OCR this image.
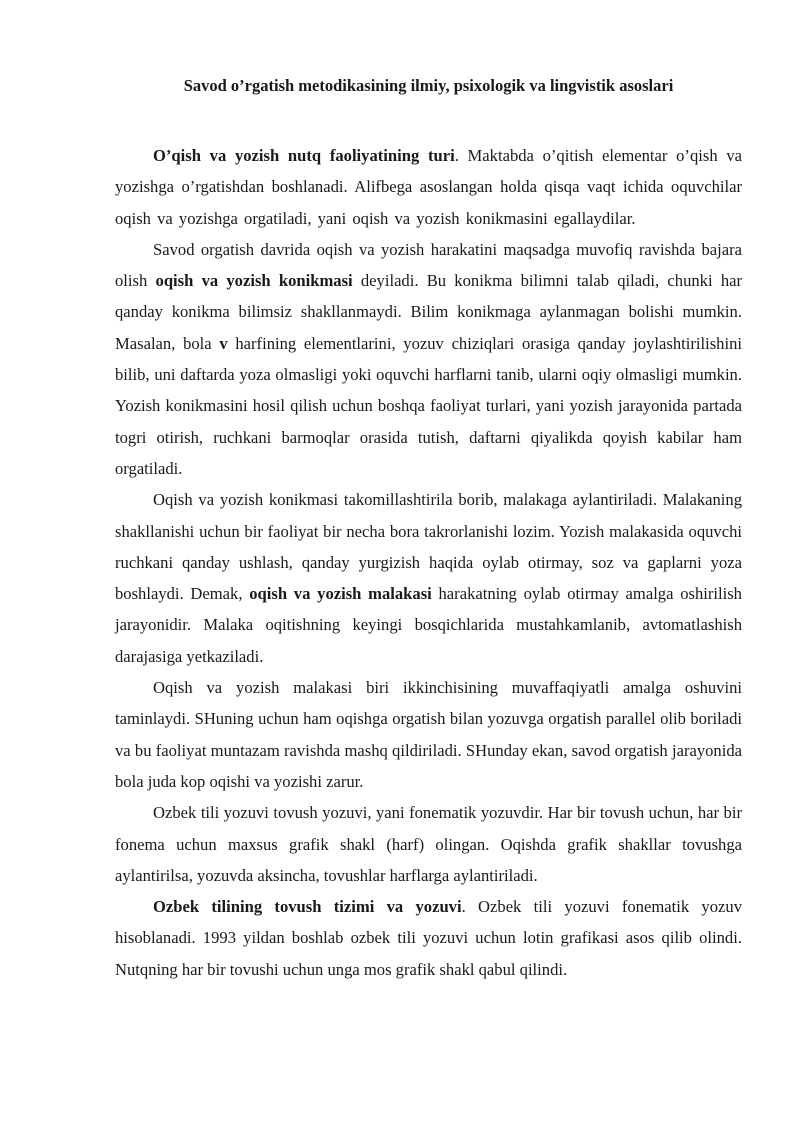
Savod o’rgatish metodikasining ilmiy, psixologik va lingvistik asoslari

O’qish va yozish nutq faoliyatining turi. Maktabda o’qitish elementar o’qish va yozishga o’rgatishdan boshlanadi. Alifbega asoslangan holda qisqa vaqt ichida oquvchilar oqish va yozishga orgatiladi, yani oqish va yozish konikmasini egallaydilar.

Savod orgatish davrida oqish va yozish harakatini maqsadga muvofiq ravishda bajara olish oqish va yozish konikmasi deyiladi. Bu konikma bilimni talab qiladi, chunki har qanday konikma bilimsiz shakllanmaydi. Bilim konikmaga aylanmagan bolishi mumkin. Masalan, bola v harfining elementlarini, yozuv chiziqlari orasiga qanday joylashtirilishini bilib, uni daftarda yoza olmasligi yoki oquvchi harflarni tanib, ularni oqiy olmasligi mumkin. Yozish konikmasini hosil qilish uchun boshqa faoliyat turlari, yani yozish jarayonida partada togri otirish, ruchkani barmoqlar orasida tutish, daftarni qiyalikda qoyish kabilar ham orgatiladi.

Oqish va yozish konikmasi takomillashtirila borib, malakaga aylantiriladi. Malakaning shakllanishi uchun bir faoliyat bir necha bora takrorlanishi lozim. Yozish malakasida oquvchi ruchkani qanday ushlash, qanday yurgizish haqida oylab otirmay, soz va gaplarni yoza boshlaydi. Demak, oqish va yozish malakasi harakatning oylab otirmay amalga oshirilish jarayonidir. Malaka oqitishning keyingi bosqichlarida mustahkamlanib, avtomatlashish darajasiga yetkaziladi.

Oqish va yozish malakasi biri ikkinchisining muvaffaqiyatli amalga oshuvini taminlaydi. SHuning uchun ham oqishga orgatish bilan yozuvga orgatish parallel olib boriladi va bu faoliyat muntazam ravishda mashq qildiriladi. SHunday ekan, savod orgatish jarayonida bola juda kop oqishi va yozishi zarur.

Ozbek tili yozuvi tovush yozuvi, yani fonematik yozuvdir. Har bir tovush uchun, har bir fonema uchun maxsus grafik shakl (harf) olingan. Oqishda grafik shakllar tovushga aylantirilsa, yozuvda aksincha, tovushlar harflarga aylantiriladi.

Ozbek tilining tovush tizimi va yozuvi. Ozbek tili yozuvi fonematik yozuv hisoblanadi. 1993 yildan boshlab ozbek tili yozuvi uchun lotin grafikasi asos qilib olindi. Nutqning har bir tovushi uchun unga mos grafik shakl qabul qilindi.
